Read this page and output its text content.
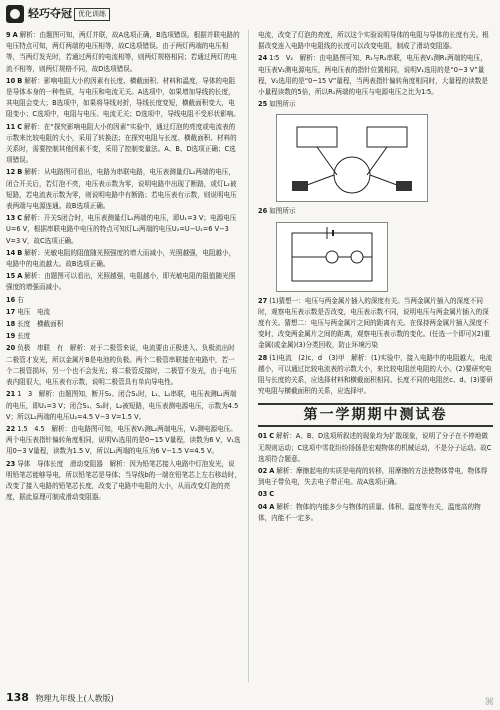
轻巧夺冠 优化训练
9 A 解析：由题图可知，两灯并联，故A选项正确，B选项错误。根据并联电路的电压特点可知，两灯两端的电压相等，故C选项错误。由于两灯两端的电压相等，当两灯发光时，若通过两灯的电流相等，则两灯规格相同；若通过两灯的电流不相等，则两灯规格不同，故D选项错误。
10 B 解析：影响电阻大小的因素有长度、横截面积、材料和温度，导体的电阻是导体本身的一种性质，与电压和电流无关。A选项中，如果增加导线的长度，其电阻会变大；B选项中，如果将导线对折，导线长度变短，横截面积变大，电阻变小；C选项中，电阻与电压、电流无关；D选项中，导线电阻不受形状影响。
11 C 解析：在“探究影响电阻大小的因素”实验中，通过灯泡的亮度或电流表的示数来比较电阻的大小，采用了转换法；在探究电阻与长度、横截面积、材料的关系时，需要控制其他因素不变，采用了控制变量法。A、B、D选项正确；C选项错误。
12 B 解析：从电路图可看出，电路为串联电路，电压表测量灯L₁两端的电压，闭合开关后，若灯泡不亮，电压表示数为零，说明电路中出现了断路，或灯L₁被短路，若电流表示数为零，则说明电路中有断路；若电压表有示数，则说明电压表两端与电源连通。故B选项正确。
13 C 解析：开关S闭合时，电压表测量灯L₁两端的电压，即U₁=3 V；电源电压U=6 V，根据串联电路中电压的特点可知灯L₂两端的电压U₂=U−U₁=6 V−3 V=3 V，故C选项正确。
14 B 解析：光敏电阻的阻值随光照强度的增大而减小，光照越强，电阻越小，电路中的电流越大。故B选项正确。
15 A 解析：由题图可以看出，光照越强，电阻越小，即光敏电阻的阻值随光照强度的增强而减小。
16 右
17 电压　电流
18 长度　横截面积
19 长度
20 负极　串联　有　解析：对于二极管来说，电流要由正极进入、负极流出时二极管才发光，所以金属片B是电池的负极。两个二极管串联接在电路中，若一个二极管损坏，另一个也不会发光；将二极管反接时，二极管不发光，由于电压表内阻很大，电压表有示数，说明二极管具有单向导电性。
21 1　3　解析：由题图知，断开S₂、闭合S₁时，L₁、L₂串联，电压表测L₁两端的电压，即U₁=3 V；闭合S₁、S₂时，L₂被短路，电压表测电源电压，示数为4.5 V；所以L₂两端的电压U₂=4.5 V−3 V=1.5 V。
22 1.5　4.5　解析：由电路图可知，电压表V₁测L₂两端电压，V₂测电源电压。两个电压表指针偏转角度相同，说明V₂选用的是0~15 V量程，读数为6 V，V₁选用0~3 V量程，读数为1.5 V，所以L₁两端的电压为6 V−1.5 V=4.5 V。
23 导体　导体长度　滑动变阻器　解析：因为铅笔芯接入电路中灯泡发光，说明铅笔芯能够导电，所以铅笔芯是导体；当导线b的一端在铅笔芯上左右移动时，改变了接入电路的铅笔芯长度，改变了电路中电阻的大小，从而改变灯泡的亮度，据此原理可制成滑动变阻器。
电流，改变了灯泡的亮度，所以这个实验说明导体的电阻与导体的长度有关。根据改变连入电路中电阻线的长度可以改变电阻，制成了滑动变阻器。
24 1∶5　V₂　解析：由电路图可知，R₁与R₂串联，电压表V₁测R₁两端的电压，电压表V₂测电源电压，两电压表的指针位置相同，说明V₁选用的是“0~3 V”量程，V₂选用的是“0~15 V”量程，当两表指针偏转角度相同时，大量程的读数是小量程读数的5倍，所以R₁两端的电压与电源电压之比为1∶5。
25 如图所示
26 如图所示
27 (1)猜想一：电压与两金属片插入的深度有关。当两金属片插入的深度不同时，观察电压表示数是否改变，电压表示数不同，说明电压与两金属片插入的深度有关。猜想二：电压与两金属片之间的距离有关。在保持两金属片插入深度不变时，改变两金属片之间的距离，观察电压表示数的变化。(任选一个即可)(2)重金属(或金属)(3)分类回收，防止环境污染
28 (1)电流　(2)c、d　(3)甲　解析：(1)实验中，接入电路中的电阻越大，电流越小，可以通过比较电流表的示数大小，来比较电阻丝电阻的大小。(2)要研究电阻与长度的关系，应选择材料和横截面积相同、长度不同的电阻丝c、d。(3)要研究电阻与横截面积的关系，应选择甲。
第一学期期中测试卷
01 C 解析：A、B、D选项所叙述的现象均为扩散现象，说明了分子在不停地做无规则运动；C选项中雪花纷纷扬扬是宏观物体的机械运动，不是分子运动。故C选项符合题意。
02 A 解析：摩擦起电的实质是电荷的转移，用摩擦的方法使物体带电，物体得到电子带负电，失去电子带正电。故A选项正确。
03 C
04 A 解析：物体的内能多少与物体的质量、体积、温度等有关，温度高的物体，内能不一定多。
138 物理九年级上(人教版)	⌘
